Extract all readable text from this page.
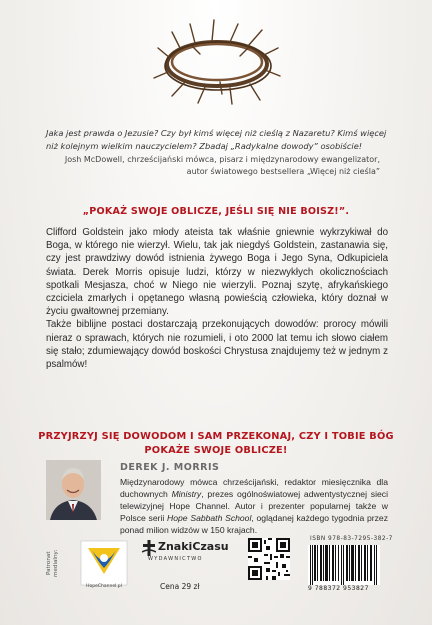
Jaka jest prawda o Jezusie? Czy był kimś więcej niż cieślą z Nazaretu? Kimś więcej niż kolejnym wielkim nauczycielem? Zbadaj „Radykalne dowody” osobiście!
Josh McDowell, chrześcijański mówca, pisarz i międzynarodowy ewangelizator,
autor światowego bestsellera „Więcej niż cieśla”
„POKAŻ SWOJE OBLICZE, JEŚLI SIĘ NIE BOISZ!”.

Clifford Goldstein jako młody ateista tak właśnie gniewnie wykrzykiwał do Boga, w którego nie wierzył. Wielu, tak jak niegdyś Goldstein, zastanawia się, czy jest prawdziwy dowód istnienia żywego Boga i Jego Syna, Odkupiciela świata. Derek Morris opisuje ludzi, którzy w niezwykłych okolicznościach spotkali Mesjasza, choć w Niego nie wierzyli. Poznaj szytę, afrykańskiego czciciela zmarłych i opętanego własną powieścią człowieka, który doznał w życiu gwałtownej przemiany.

Także biblijne postaci dostarczają przekonujących dowodów: prorocy mówili nieraz o sprawach, których nie rozumieli, i oto 2000 lat temu ich słowo ciałem się stało; zdumiewający dowód boskości Chrystusa znajdujemy też w jednym z psalmów!

PRZYJRZYJ SIĘ DOWODOM I SAM PRZEKONAJ, CZY I TOBIE BÓG
POKAŻE SWOJE OBLICZE!
DEREK J. MORRIS
Międzynarodowy mówca chrześcijański, redaktor miesięcznika dla duchownych Ministry, prezes ogólnoświatowej adwentystycznej sieci telewizyjnej Hope Channel. Autor i prezenter popularnej także w Polsce serii Hope Sabbath School, oglądanej każdego tygodnia przez ponad milion widzów w 150 krajach.
Patronat medialny:
HopeChannel.pl
ZnakiCzasu
WYDAWNICTWO
Cena 29 zł
ISBN 978-83-7295-382-7
9 788372 953827
